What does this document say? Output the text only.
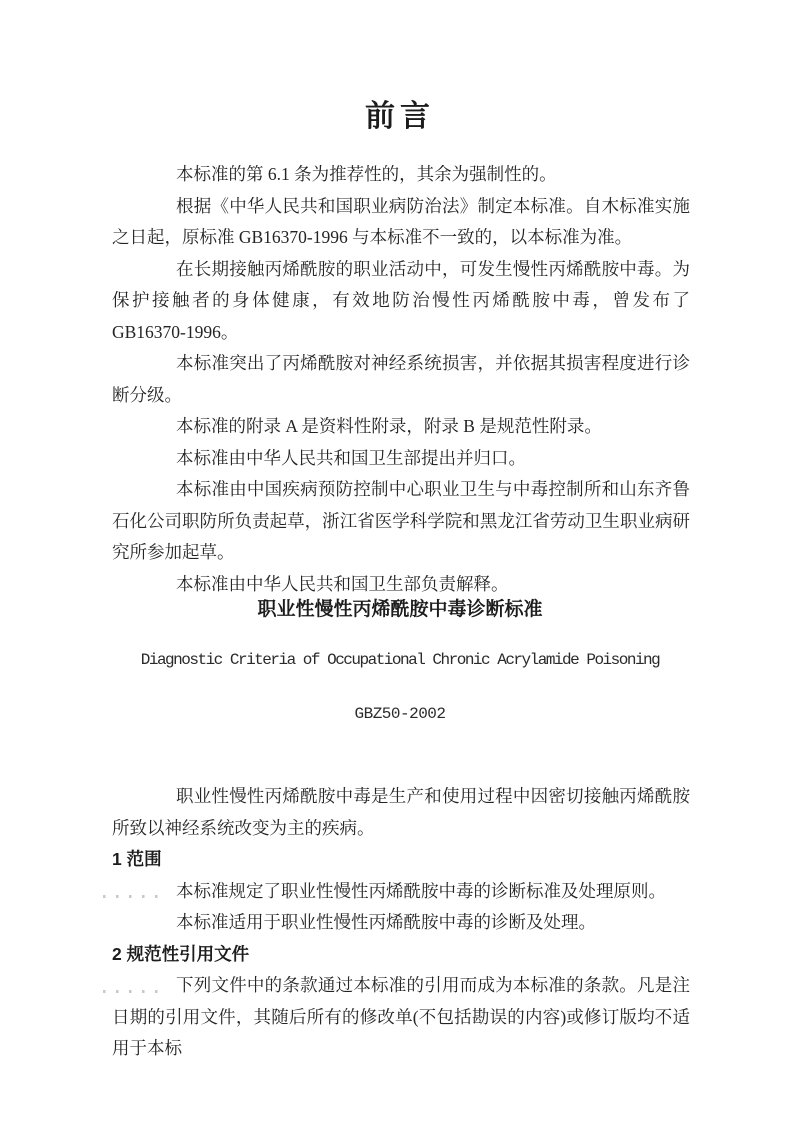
前言

本标准的第 6.1 条为推荐性的，其余为强制性的。

根据《中华人民共和国职业病防治法》制定本标准。自木标准实施之日起，原标准 GB16370-1996 与本标准不一致的，以本标准为准。

在长期接触丙烯酰胺的职业活动中，可发生慢性丙烯酰胺中毒。为保护接触者的身体健康，有效地防治慢性丙烯酰胺中毒，曾发布了 GB16370-1996。

本标准突出了丙烯酰胺对神经系统损害，并依据其损害程度进行诊断分级。

本标准的附录 A 是资料性附录，附录 B 是规范性附录。

本标准由中华人民共和国卫生部提出并归口。

本标准由中国疾病预防控制中心职业卫生与中毒控制所和山东齐鲁石化公司职防所负责起草，浙江省医学科学院和黑龙江省劳动卫生职业病研究所参加起草。

本标准由中华人民共和国卫生部负责解释。

职业性慢性丙烯酰胺中毒诊断标准
Diagnostic Criteria of Occupational Chronic Acrylamide Poisoning
GBZ50-2002

职业性慢性丙烯酰胺中毒是生产和使用过程中因密切接触丙烯酰胺所致以神经系统改变为主的疾病。

1 范围

本标准规定了职业性慢性丙烯酰胺中毒的诊断标准及处理原则。

本标准适用于职业性慢性丙烯酰胺中毒的诊断及处理。

2 规范性引用文件

下列文件中的条款通过本标准的引用而成为本标准的条款。凡是注日期的引用文件，其随后所有的修改单(不包括勘误的内容)或修订版均不适用于本标
